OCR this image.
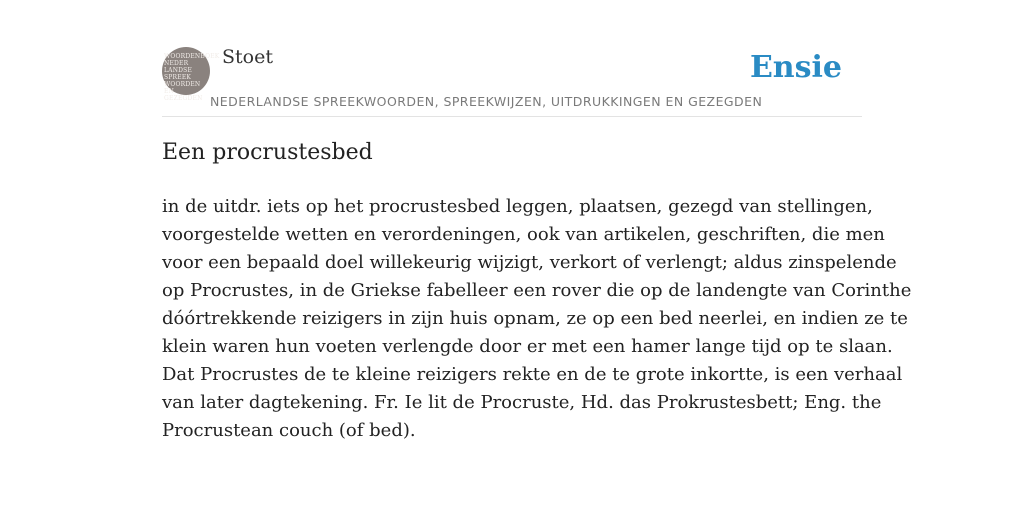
WOORDENBOEK
NEDER
LANDSE
SPREEK
WOORDEN EN
GEZEGDEN
Stoet
NEDERLANDSE SPREEKWOORDEN, SPREEKWIJZEN, UITDRUKKINGEN EN GEZEGDEN
Ensie
Een procrustesbed

in de uitdr. iets op het procrustesbed leggen, plaatsen, gezegd van stellingen,
voorgestelde wetten en verordeningen, ook van artikelen, geschriften, die men
voor een bepaald doel willekeurig wijzigt, verkort of verlengt; aldus zinspelende
op Procrustes, in de Griekse fabelleer een rover die op de landengte van Corinthe
dóórtrekkende reizigers in zijn huis opnam, ze op een bed neerlei, en indien ze te
klein waren hun voeten verlengde door er met een hamer lange tijd op te slaan.
Dat Procrustes de te kleine reizigers rekte en de te grote inkortte, is een verhaal
van later dagtekening. Fr. Ie lit de Procruste, Hd. das Prokrustesbett; Eng. the
Procrustean couch (of bed).
